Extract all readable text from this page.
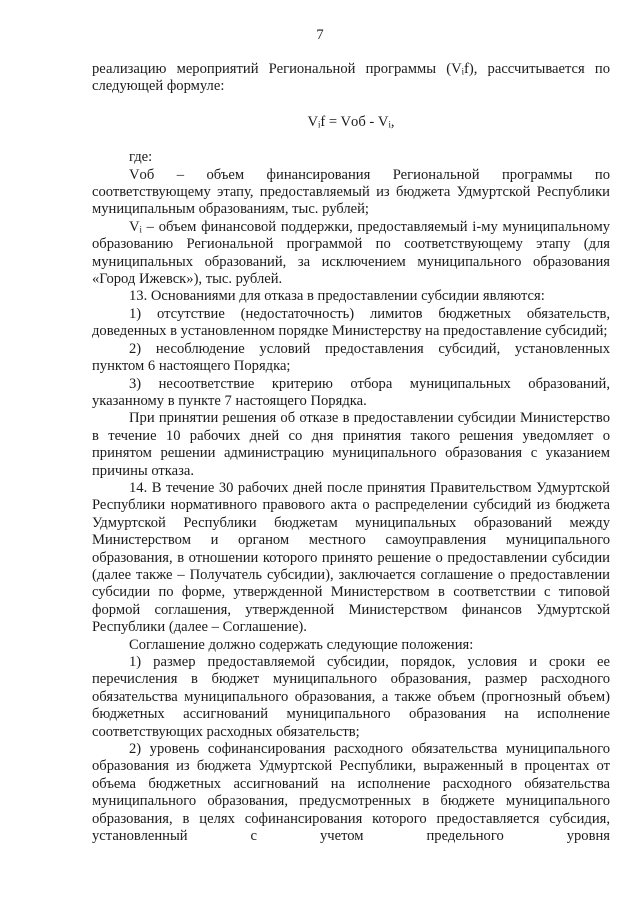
7

реализацию мероприятий Региональной программы (Vᵢf), рассчитывается по следующей формуле:

Vᵢf = Vоб - Vᵢ,

где:

Vоб – объем финансирования Региональной программы по соответствующему этапу, предоставляемый из бюджета Удмуртской Республики муниципальным образованиям, тыс. рублей;

Vᵢ – объем финансовой поддержки, предоставляемый i-му муниципальному образованию Региональной программой по соответствующему этапу (для муниципальных образований, за исключением муниципального образования «Город Ижевск»), тыс. рублей.

13. Основаниями для отказа в предоставлении субсидии являются:

1) отсутствие (недостаточность) лимитов бюджетных обязательств, доведенных в установленном порядке Министерству на предоставление субсидий;

2) несоблюдение условий предоставления субсидий, установленных пунктом 6 настоящего Порядка;

3) несоответствие критерию отбора муниципальных образований, указанному в пункте 7 настоящего Порядка.

При принятии решения об отказе в предоставлении субсидии Министерство в течение 10 рабочих дней со дня принятия такого решения уведомляет о принятом решении администрацию муниципального образования с указанием причины отказа.

14. В течение 30 рабочих дней после принятия Правительством Удмуртской Республики нормативного правового акта о распределении субсидий из бюджета Удмуртской Республики бюджетам муниципальных образований между Министерством и органом местного самоуправления муниципального образования, в отношении которого принято решение о предоставлении субсидии (далее также – Получатель субсидии), заключается соглашение о предоставлении субсидии по форме, утвержденной Министерством в соответствии с типовой формой соглашения, утвержденной Министерством финансов Удмуртской Республики (далее – Соглашение).

Соглашение должно содержать следующие положения:

1) размер предоставляемой субсидии, порядок, условия и сроки ее перечисления в бюджет муниципального образования, размер расходного обязательства муниципального образования, а также объем (прогнозный объем) бюджетных ассигнований муниципального образования на исполнение соответствующих расходных обязательств;

2) уровень софинансирования расходного обязательства муниципального образования из бюджета Удмуртской Республики, выраженный в процентах от объема бюджетных ассигнований на исполнение расходного обязательства муниципального образования, предусмотренных в бюджете муниципального образования, в целях софинансирования которого предоставляется субсидия, установленный с учетом предельного уровня
